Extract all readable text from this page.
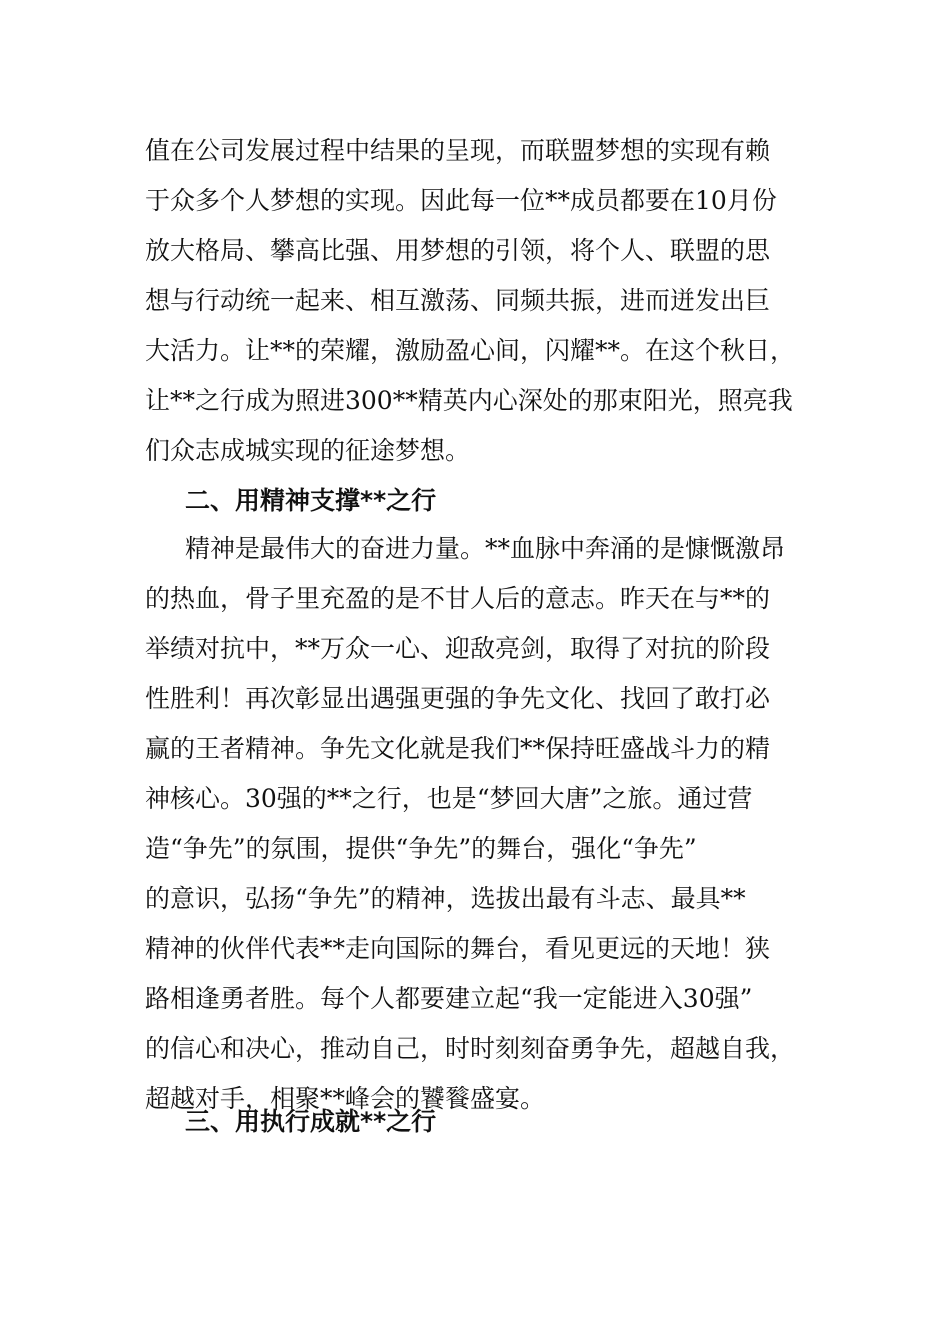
值在公司发展过程中结果的呈现，而联盟梦想的实现有赖
于众多个人梦想的实现。因此每一位**成员都要在10月份
放大格局、攀高比强、用梦想的引领，将个人、联盟的思
想与行动统一起来、相互激荡、同频共振，进而迸发出巨
大活力。让**的荣耀，激励盈心间，闪耀**。在这个秋日，
让**之行成为照进300**精英内心深处的那束阳光，照亮我
们众志成城实现的征途梦想。
二、用精神支撑**之行
精神是最伟大的奋进力量。**血脉中奔涌的是慷慨激昂
的热血，骨子里充盈的是不甘人后的意志。昨天在与**的
举绩对抗中，**万众一心、迎敌亮剑，取得了对抗的阶段
性胜利！再次彰显出遇强更强的争先文化、找回了敢打必
赢的王者精神。争先文化就是我们**保持旺盛战斗力的精
神核心。30强的**之行，也是“梦回大唐”之旅。通过营
造“争先”的氛围，提供“争先”的舞台，强化“争先”
的意识，弘扬“争先”的精神，选拔出最有斗志、最具**
精神的伙伴代表**走向国际的舞台，看见更远的天地！狭
路相逢勇者胜。每个人都要建立起“我一定能进入30强”
的信心和决心，推动自己，时时刻刻奋勇争先，超越自我，
超越对手，相聚**峰会的饕餮盛宴。
三、用执行成就**之行
